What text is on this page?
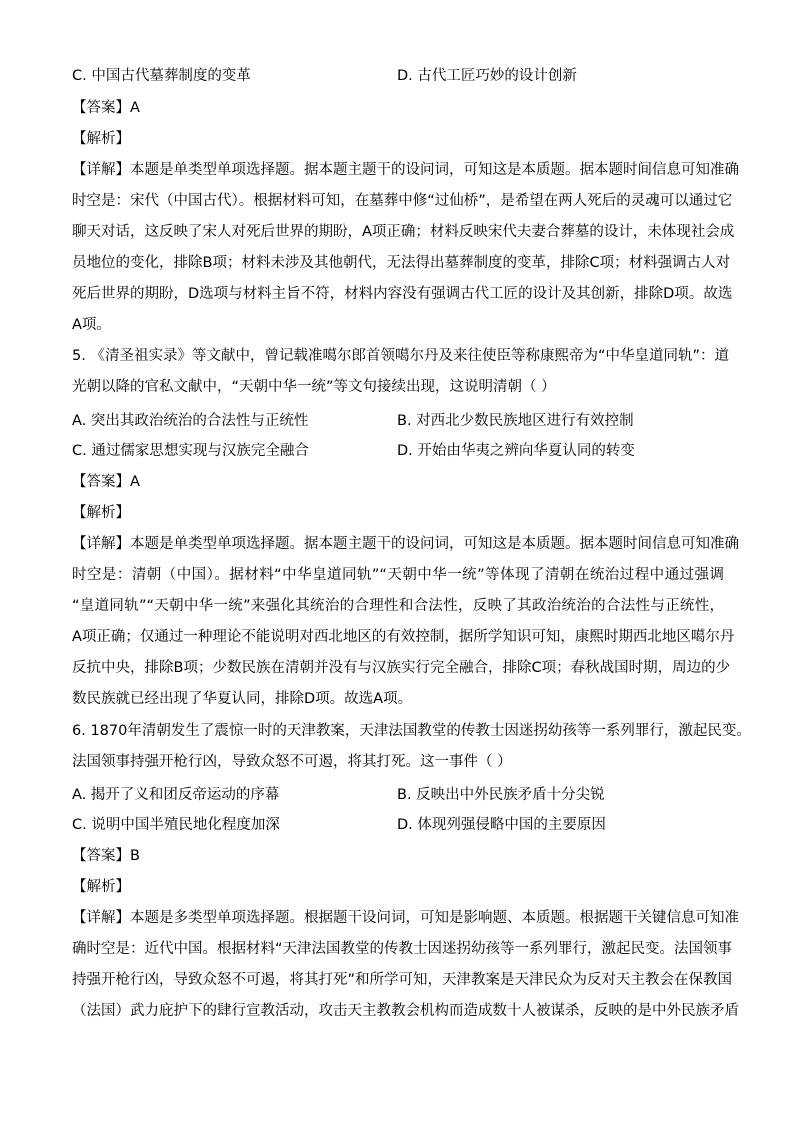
C. 中国古代墓葬制度的变革	D. 古代工匠巧妙的设计创新
【答案】A
【解析】
【详解】本题是单类型单项选择题。据本题主题干的设问词，可知这是本质题。据本题时间信息可知准确
时空是：宋代（中国古代）。根据材料可知，在墓葬中修“过仙桥”，是希望在两人死后的灵魂可以通过它
聊天对话，这反映了宋人对死后世界的期盼，A项正确；材料反映宋代夫妻合葬墓的设计，未体现社会成
员地位的变化，排除B项；材料未涉及其他朝代，无法得出墓葬制度的变革，排除C项；材料强调古人对
死后世界的期盼，D选项与材料主旨不符，材料内容没有强调古代工匠的设计及其创新，排除D项。故选
A项。
5. 《清圣祖实录》等文献中，曾记载准噶尔郎首领噶尔丹及来往使臣等称康熙帝为“中华皇道同轨”：道
光朝以降的官私文献中，“天朝中华一统”等文句接续出现，这说明清朝（ ）
A. 突出其政治统治的合法性与正统性	B. 对西北少数民族地区进行有效控制
C. 通过儒家思想实现与汉族完全融合	D. 开始由华夷之辨向华夏认同的转变
【答案】A
【解析】
【详解】本题是单类型单项选择题。据本题主题干的设问词，可知这是本质题。据本题时间信息可知准确
时空是：清朝（中国）。据材料“中华皇道同轨”“天朝中华一统”等体现了清朝在统治过程中通过强调
“皇道同轨”“天朝中华一统”来强化其统治的合理性和合法性，反映了其政治统治的合法性与正统性，
A项正确；仅通过一种理论不能说明对西北地区的有效控制，据所学知识可知，康熙时期西北地区噶尔丹
反抗中央，排除B项；少数民族在清朝并没有与汉族实行完全融合，排除C项；春秋战国时期，周边的少
数民族就已经出现了华夏认同，排除D项。故选A项。
6. 1870年清朝发生了震惊一时的天津教案，天津法国教堂的传教士因迷拐幼孩等一系列罪行，激起民变。
法国领事持强开枪行凶，导致众怒不可遏，将其打死。这一事件（ ）
A. 揭开了义和团反帝运动的序幕	B. 反映出中外民族矛盾十分尖锐
C. 说明中国半殖民地化程度加深	D. 体现列强侵略中国的主要原因
【答案】B
【解析】
【详解】本题是多类型单项选择题。根据题干设问词，可知是影响题、本质题。根据题干关键信息可知准
确时空是：近代中国。根据材料“天津法国教堂的传教士因迷拐幼孩等一系列罪行，激起民变。法国领事
持强开枪行凶，导致众怒不可遏，将其打死”和所学可知，天津教案是天津民众为反对天主教会在保教国
（法国）武力庇护下的肆行宣教活动，攻击天主教教会机构而造成数十人被谋杀，反映的是中外民族矛盾
